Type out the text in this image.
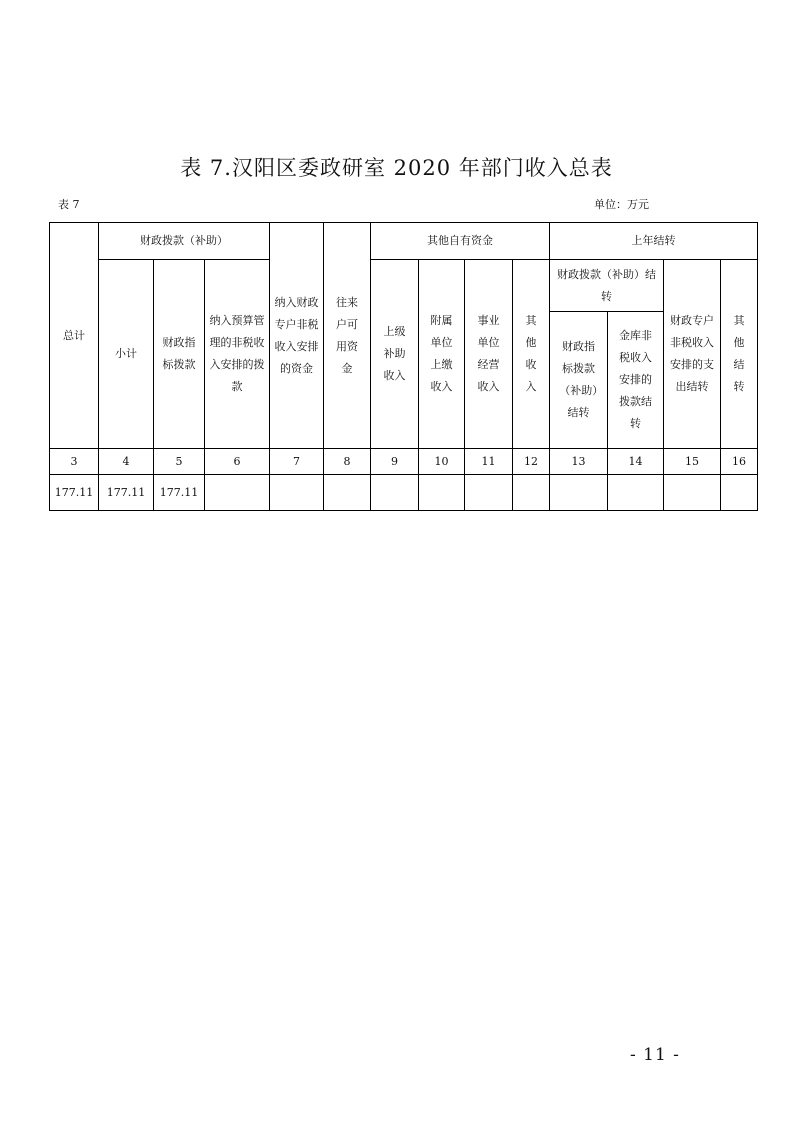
表 7.汉阳区委政研室 2020 年部门收入总表
表 7	单位：万元
总计	财政拨款（补助）			纳入财政专户非税收入安排的资金	往来户可用资金	其他自有资金				上年结转			
	小计	财政指标拨款	纳入预算管理的非税收入安排的拨款			上级补助收入	附属单位上缴收入	事业单位经营收入	其他收入	财政拨款（补助）结转		财政专户非税收入安排的支出结转	其他结转
										财政指标拨款（补助）结转	金库非税收入安排的拨款结转		
3	4	5	6	7	8	9	10	11	12	13	14	15	16
177.11	177.11	177.11											
- 11 -
